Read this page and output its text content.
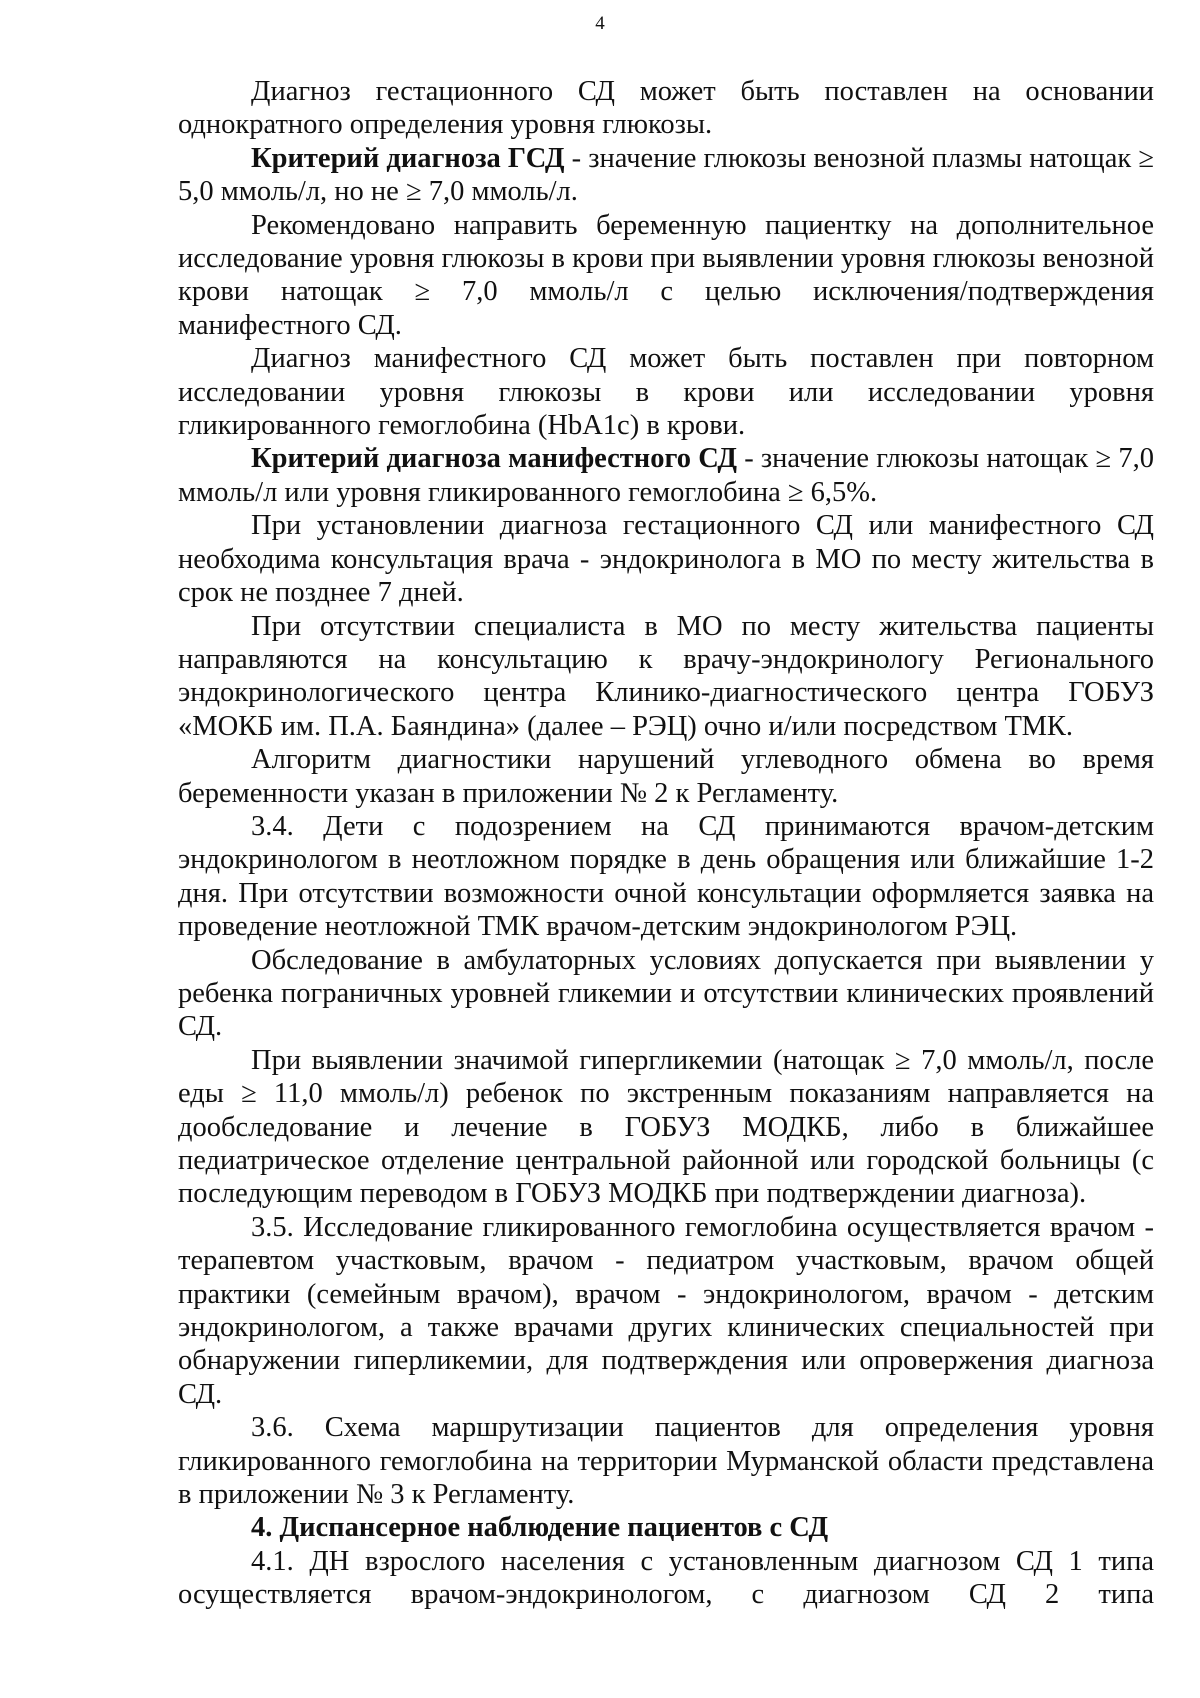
4

Диагноз гестационного СД может быть поставлен на основании однократного определения уровня глюкозы.

Критерий диагноза ГСД - значение глюкозы венозной плазмы натощак ≥ 5,0 ммоль/л, но не ≥ 7,0 ммоль/л.

Рекомендовано направить беременную пациентку на дополнительное исследование уровня глюкозы в крови при выявлении уровня глюкозы венозной крови натощак ≥ 7,0 ммоль/л с целью исключения/подтверждения манифестного СД.

Диагноз манифестного СД может быть поставлен при повторном исследовании уровня глюкозы в крови или исследовании уровня гликированного гемоглобина (HbA1c) в крови.

Критерий диагноза манифестного СД - значение глюкозы натощак ≥ 7,0 ммоль/л или уровня гликированного гемоглобина ≥ 6,5%.

При установлении диагноза гестационного СД или манифестного СД необходима консультация врача - эндокринолога в МО по месту жительства в срок не позднее 7 дней.

При отсутствии специалиста в МО по месту жительства пациенты направляются на консультацию к врачу-эндокринологу Регионального эндокринологического центра Клинико-диагностического центра ГОБУЗ «МОКБ им. П.А. Баяндина» (далее – РЭЦ) очно и/или посредством ТМК.

Алгоритм диагностики нарушений углеводного обмена во время беременности указан в приложении № 2 к Регламенту.

3.4. Дети с подозрением на СД принимаются врачом-детским эндокринологом в неотложном порядке в день обращения или ближайшие 1-2 дня. При отсутствии возможности очной консультации оформляется заявка на проведение неотложной ТМК врачом-детским эндокринологом РЭЦ.

Обследование в амбулаторных условиях допускается при выявлении у ребенка пограничных уровней гликемии и отсутствии клинических проявлений СД.

При выявлении значимой гипергликемии (натощак ≥ 7,0 ммоль/л, после еды ≥ 11,0 ммоль/л) ребенок по экстренным показаниям направляется на дообследование и лечение в ГОБУЗ МОДКБ, либо в ближайшее педиатрическое отделение центральной районной или городской больницы (с последующим переводом в ГОБУЗ МОДКБ при подтверждении диагноза).

3.5. Исследование гликированного гемоглобина осуществляется врачом - терапевтом участковым, врачом - педиатром участковым, врачом общей практики (семейным врачом), врачом - эндокринологом, врачом - детским эндокринологом, а также врачами других клинических специальностей при обнаружении гиперликемии, для подтверждения или опровержения диагноза СД.

3.6. Схема маршрутизации пациентов для определения уровня гликированного гемоглобина на территории Мурманской области представлена в приложении № 3 к Регламенту.

4. Диспансерное наблюдение пациентов с СД

4.1. ДН взрослого населения с установленным диагнозом СД 1 типа осуществляется врачом-эндокринологом, с диагнозом СД 2 типа
